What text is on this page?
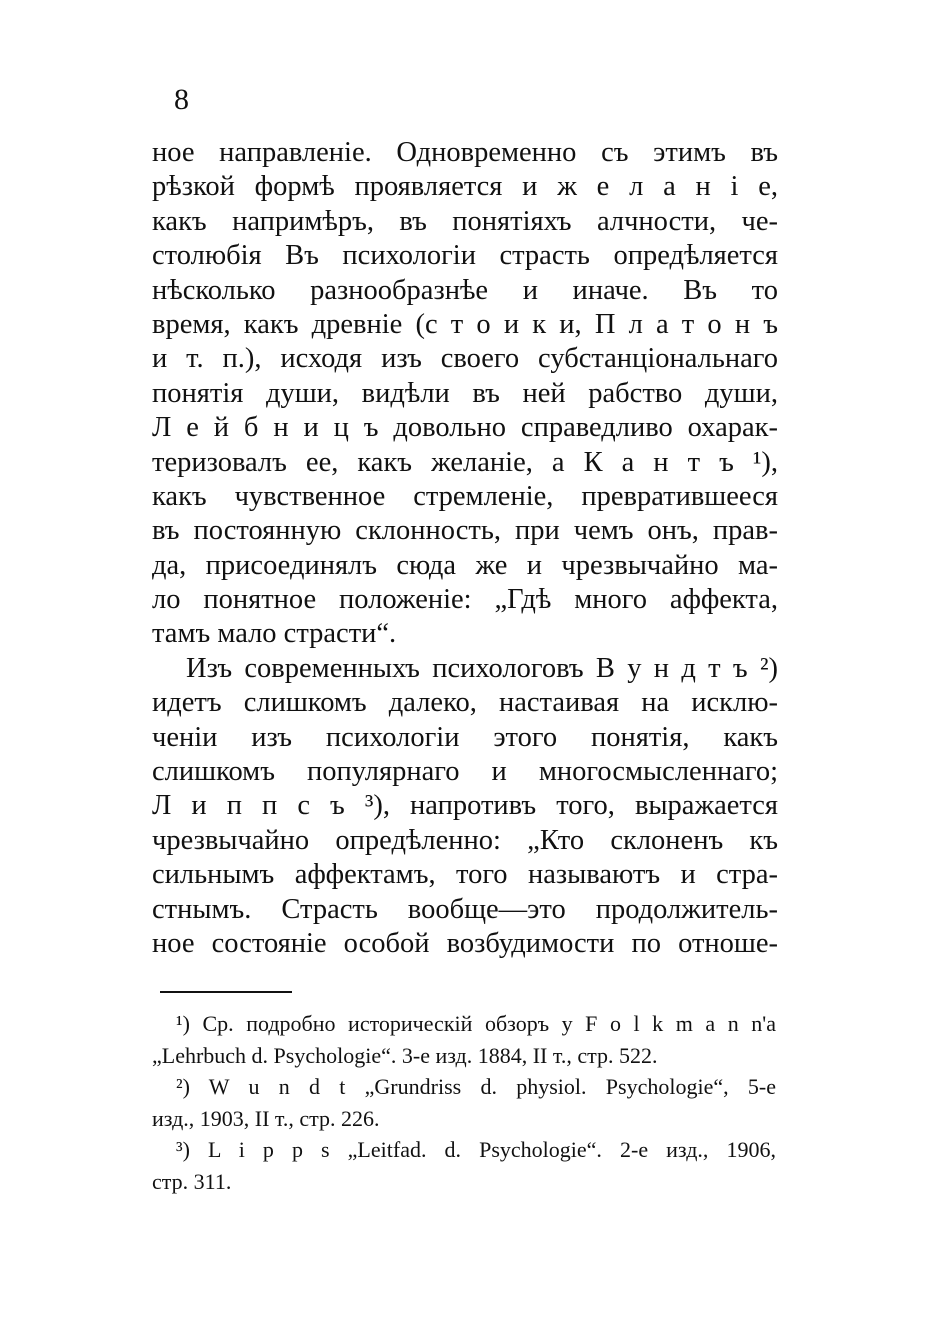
8
ное направленіе. Одновременно съ этимъ въ
рѣзкой формѣ проявляется и ж е л а н і е,
какъ напримѣръ, въ понятіяхъ алчности, че-
столюбія Въ психологіи страсть опредѣляется
нѣсколько разнообразнѣе и иначе. Въ то
время, какъ древніе (с т о и к и, П л а т о н ъ
и т. п.), исходя изъ своего субстанціональнаго
понятія души, видѣли въ ней рабство души,
Л е й б н и ц ъ довольно справедливо охарак-
теризовалъ ее, какъ желаніе, а К а н т ъ ¹),
какъ чувственное стремленіе, превратившееся
въ постоянную склонность, при чемъ онъ, прав-
да, присоединялъ сюда же и чрезвычайно ма-
ло понятное положеніе: „Гдѣ много аффекта,
тамъ мало страсти“.
Изъ современныхъ психологовъ В у н д т ъ ²)
идетъ слишкомъ далеко, настаивая на исклю-
ченіи изъ психологіи этого понятія, какъ
слишкомъ популярнаго и многосмысленнаго;
Л и п п с ъ ³), напротивъ того, выражается
чрезвычайно опредѣленно: „Кто склоненъ къ
сильнымъ аффектамъ, того называютъ и стра-
стнымъ. Страсть вообще—это продолжитель-
ное состояніе особой возбудимости по отноше-
¹) Ср. подробно историческій обзоръ у F o l k m a n n'a
„Lehrbuch d. Psychologie“. 3-е изд. 1884, II т., стр. 522.
²) W u n d t „Grundriss d. physiol. Psychologie“, 5-е
изд., 1903, II т., стр. 226.
³) L i p p s „Leitfad. d. Psychologie“. 2-е изд., 1906,
стр. 311.
